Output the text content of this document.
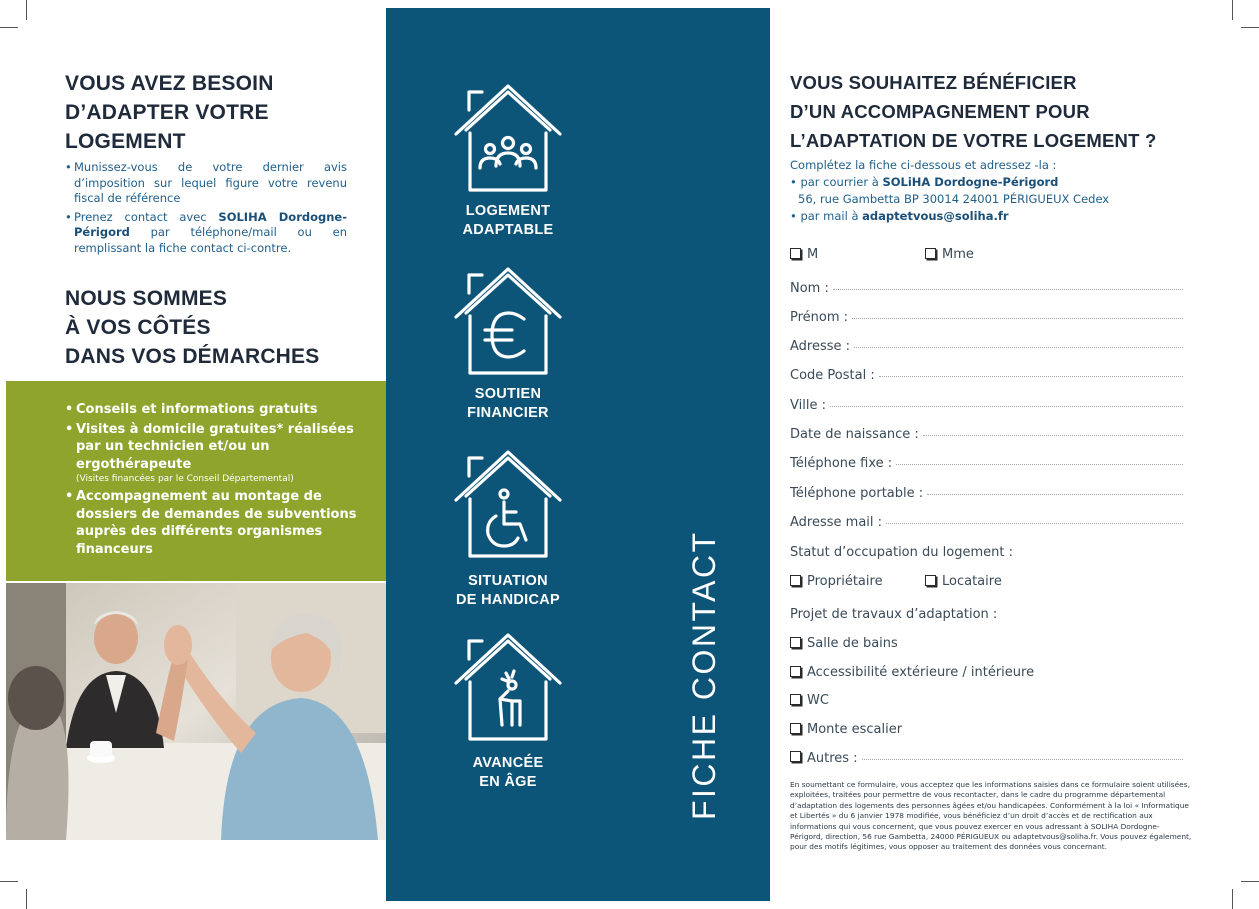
VOUS AVEZ BESOIN
D’ADAPTER VOTRE
LOGEMENT
• Munissez-vous de votre dernier avis d’imposition sur lequel figure votre revenu fiscal de référence
• Prenez contact avec SOLIHA Dordogne-Périgord par téléphone/mail ou en remplissant la fiche contact ci-contre.
NOUS SOMMES
À VOS CÔTÉS
DANS VOS DÉMARCHES
• Conseils et informations gratuits
• Visites à domicile gratuites* réalisées par un technicien et/ou un ergothérapeute
(Visites financées par le Conseil Départemental)
• Accompagnement au montage de dossiers de demandes de subventions auprès des différents organismes financeurs
LOGEMENT
ADAPTABLE
SOUTIEN
FINANCIER
SITUATION
DE HANDICAP
AVANCÉE
EN ÂGE	FICHE CONTACT
VOUS SOUHAITEZ BÉNÉFICIER
D’UN ACCOMPAGNEMENT POUR
L’ADAPTATION DE VOTRE LOGEMENT ?
Complétez la fiche ci-dessous et adressez -la :
• par courrier à SOLiHA Dordogne-Périgord
56, rue Gambetta BP 30014 24001 PÉRIGUEUX Cedex
• par mail à adaptetvous@soliha.fr
M	Mme
Nom :
Prénom :
Adresse :
Code Postal :
Ville :
Date de naissance :
Téléphone fixe :
Téléphone portable :
Adresse mail :
Statut d’occupation du logement :
Propriétaire	Locataire
Projet de travaux d’adaptation :
Salle de bains
Accessibilité extérieure / intérieure
WC
Monte escalier
Autres :

En soumettant ce formulaire, vous acceptez que les informations saisies dans ce formulaire soient utilisées, exploitées, traitées pour permettre de vous recontacter, dans le cadre du programme départemental d’adaptation des logements des personnes âgées et/ou handicapées. Conformément à la loi « Informatique et Libertés » du 6 janvier 1978 modifiée, vous bénéficiez d’un droit d’accès et de rectification aux informations qui vous concernent, que vous pouvez exercer en vous adressant à SOLIHA Dordogne-Périgord, direction, 56 rue Gambetta, 24000 PÉRIGUEUX ou adaptetvous@soliha.fr. Vous pouvez également, pour des motifs légitimes, vous opposer au traitement des données vous concernant.
